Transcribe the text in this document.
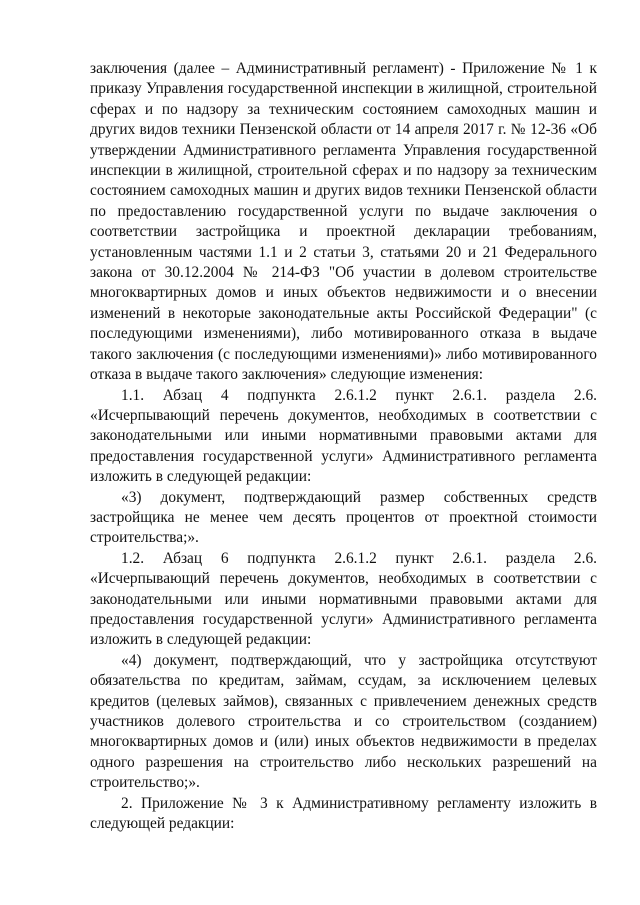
заключения (далее – Административный регламент) - Приложение № 1 к приказу Управления государственной инспекции в жилищной, строительной сферах и по надзору за техническим состоянием самоходных машин и других видов техники Пензенской области от 14 апреля 2017 г. № 12-36 «Об утверждении Административного регламента Управления государственной инспекции в жилищной, строительной сферах и по надзору за техническим состоянием самоходных машин и других видов техники Пензенской области по предоставлению государственной услуги по выдаче заключения о соответствии застройщика и проектной декларации требованиям, установленным частями 1.1 и 2 статьи 3, статьями 20 и 21 Федерального закона от 30.12.2004 № 214-ФЗ "Об участии в долевом строительстве многоквартирных домов и иных объектов недвижимости и о внесении изменений в некоторые законодательные акты Российской Федерации" (с последующими изменениями), либо мотивированного отказа в выдаче такого заключения (с последующими изменениями)» либо мотивированного отказа в выдаче такого заключения» следующие изменения:

1.1. Абзац 4 подпункта 2.6.1.2 пункт 2.6.1. раздела 2.6. «Исчерпывающий перечень документов, необходимых в соответствии с законодательными или иными нормативными правовыми актами для предоставления государственной услуги» Административного регламента изложить в следующей редакции:

«3) документ, подтверждающий размер собственных средств застройщика не менее чем десять процентов от проектной стоимости строительства;».

1.2. Абзац 6 подпункта 2.6.1.2 пункт 2.6.1. раздела 2.6. «Исчерпывающий перечень документов, необходимых в соответствии с законодательными или иными нормативными правовыми актами для предоставления государственной услуги» Административного регламента изложить в следующей редакции:

«4) документ, подтверждающий, что у застройщика отсутствуют обязательства по кредитам, займам, ссудам, за исключением целевых кредитов (целевых займов), связанных с привлечением денежных средств участников долевого строительства и со строительством (созданием) многоквартирных домов и (или) иных объектов недвижимости в пределах одного разрешения на строительство либо нескольких разрешений на строительство;».

2. Приложение № 3 к Административному регламенту изложить в следующей редакции:
